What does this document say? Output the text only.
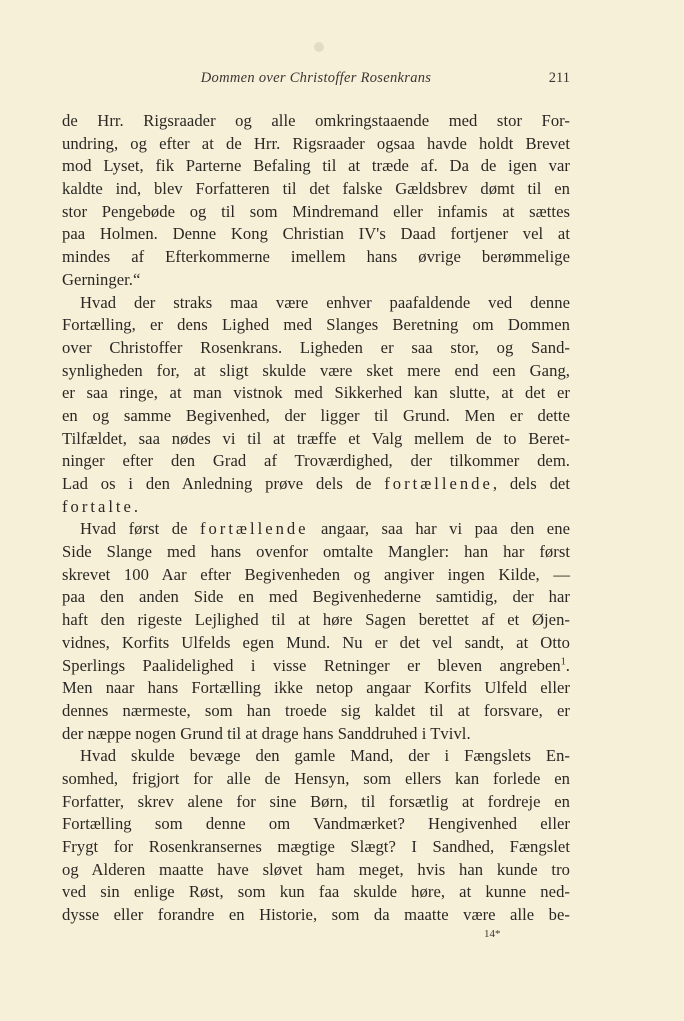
Dommen over Christoffer Rosenkrans	211
de Hrr. Rigsraader og alle omkringstaaende med stor For-
undring, og efter at de Hrr. Rigsraader ogsaa havde holdt Brevet
mod Lyset, fik Parterne Befaling til at træde af. Da de igen var
kaldte ind, blev Forfatteren til det falske Gældsbrev dømt til en
stor Pengebøde og til som Mindremand eller infamis at sættes
paa Holmen. Denne Kong Christian IV's Daad fortjener vel at
mindes af Efterkommerne imellem hans øvrige berømmelige
Gerninger.“
Hvad der straks maa være enhver paafaldende ved denne
Fortælling, er dens Lighed med Slanges Beretning om Dommen
over Christoffer Rosenkrans. Ligheden er saa stor, og Sand-
synligheden for, at sligt skulde være sket mere end een Gang,
er saa ringe, at man vistnok med Sikkerhed kan slutte, at det er
en og samme Begivenhed, der ligger til Grund. Men er dette
Tilfældet, saa nødes vi til at træffe et Valg mellem de to Beret-
ninger efter den Grad af Troværdighed, der tilkommer dem.
Lad os i den Anledning prøve dels de fortællende, dels det
fortalte.
Hvad først de fortællende angaar, saa har vi paa den ene
Side Slange med hans ovenfor omtalte Mangler: han har først
skrevet 100 Aar efter Begivenheden og angiver ingen Kilde, —
paa den anden Side en med Begivenhederne samtidig, der har
haft den rigeste Lejlighed til at høre Sagen berettet af et Øjen-
vidnes, Korfits Ulfelds egen Mund. Nu er det vel sandt, at Otto
Sperlings Paalidelighed i visse Retninger er bleven angreben$^1$.
Men naar hans Fortælling ikke netop angaar Korfits Ulfeld eller
dennes nærmeste, som han troede sig kaldet til at forsvare, er
der næppe nogen Grund til at drage hans Sanddruhed i Tvivl.
Hvad skulde bevæge den gamle Mand, der i Fængslets En-
somhed, frigjort for alle de Hensyn, som ellers kan forlede en
Forfatter, skrev alene for sine Børn, til forsætlig at fordreje en
Fortælling som denne om Vandmærket? Hengivenhed eller
Frygt for Rosenkransernes mægtige Slægt? I Sandhed, Fængslet
og Alderen maatte have sløvet ham meget, hvis han kunde tro
ved sin enlige Røst, som kun faa skulde høre, at kunne ned-
dysse eller forandre en Historie, som da maatte være alle be-
14*
